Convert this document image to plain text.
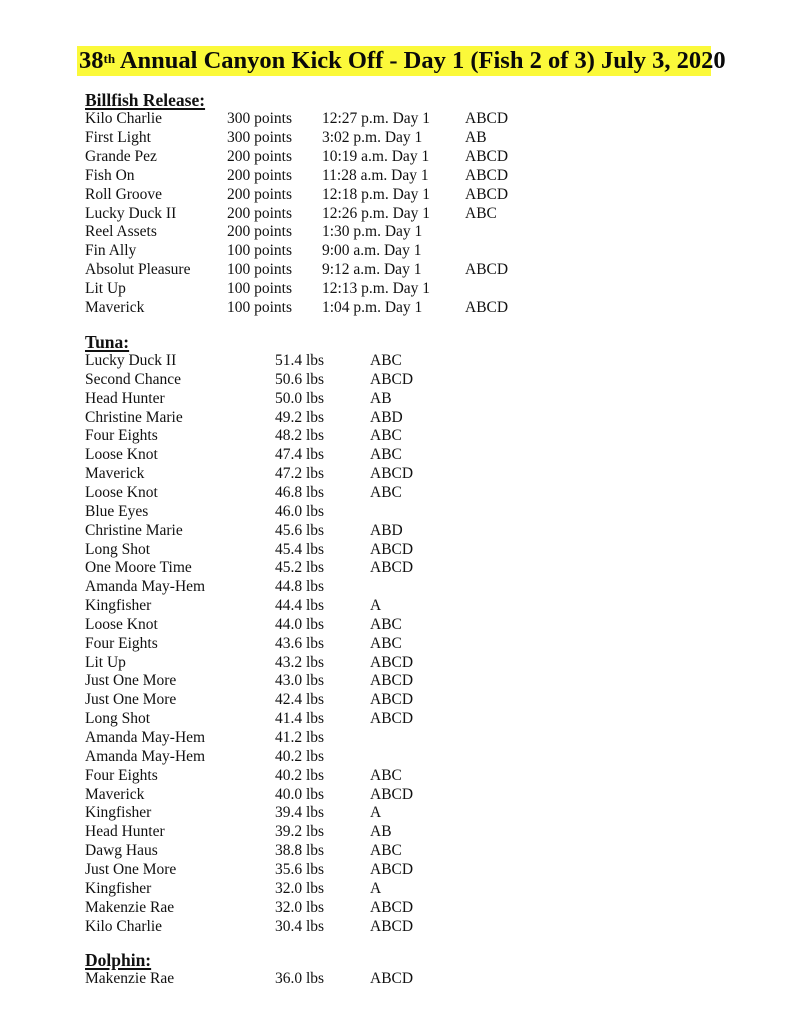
38th Annual Canyon Kick Off - Day 1 (Fish 2 of 3) July 3, 2020
Billfish Release:
Kilo Charlie	300 points 12:27 p.m. Day 1 ABCD
First Light	300 points 3:02 p.m. Day 1	AB
Grande Pez	200 points 10:19 a.m. Day 1 ABCD
Fish On	200 points 11:28 a.m. Day 1 ABCD
Roll Groove	200 points 12:18 p.m. Day 1 ABCD
Lucky Duck II	200 points 12:26 p.m. Day 1 ABC
Reel Assets	200 points 1:30 p.m. Day 1
Fin Ally	100 points 9:00 a.m. Day 1
Absolut Pleasure 100 points 9:12 a.m. Day 1	ABCD
Lit Up	100 points 12:13 p.m. Day 1
Maverick	100 points 1:04 p.m. Day 1	ABCD
Tuna:
Lucky Duck II	51.4 lbs	ABC
Second Chance	50.6 lbs	ABCD
Head Hunter	50.0 lbs	AB
Christine Marie	49.2 lbs	ABD
Four Eights	48.2 lbs	ABC
Loose Knot	47.4 lbs	ABC
Maverick	47.2 lbs	ABCD
Loose Knot	46.8 lbs	ABC
Blue Eyes	46.0 lbs
Christine Marie	45.6 lbs	ABD
Long Shot	45.4 lbs	ABCD
One Moore Time	45.2 lbs	ABCD
Amanda May-Hem	44.8 lbs
Kingfisher	44.4 lbs	A
Loose Knot	44.0 lbs	ABC
Four Eights	43.6 lbs	ABC
Lit Up	43.2 lbs	ABCD
Just One More	43.0 lbs	ABCD
Just One More	42.4 lbs	ABCD
Long Shot	41.4 lbs	ABCD
Amanda May-Hem	41.2 lbs
Amanda May-Hem	40.2 lbs
Four Eights	40.2 lbs	ABC
Maverick	40.0 lbs	ABCD
Kingfisher	39.4 lbs	A
Head Hunter	39.2 lbs	AB
Dawg Haus	38.8 lbs	ABC
Just One More	35.6 lbs	ABCD
Kingfisher	32.0 lbs	A
Makenzie Rae	32.0 lbs	ABCD
Kilo Charlie	30.4 lbs	ABCD
Dolphin:
Makenzie Rae	36.0 lbs	ABCD
